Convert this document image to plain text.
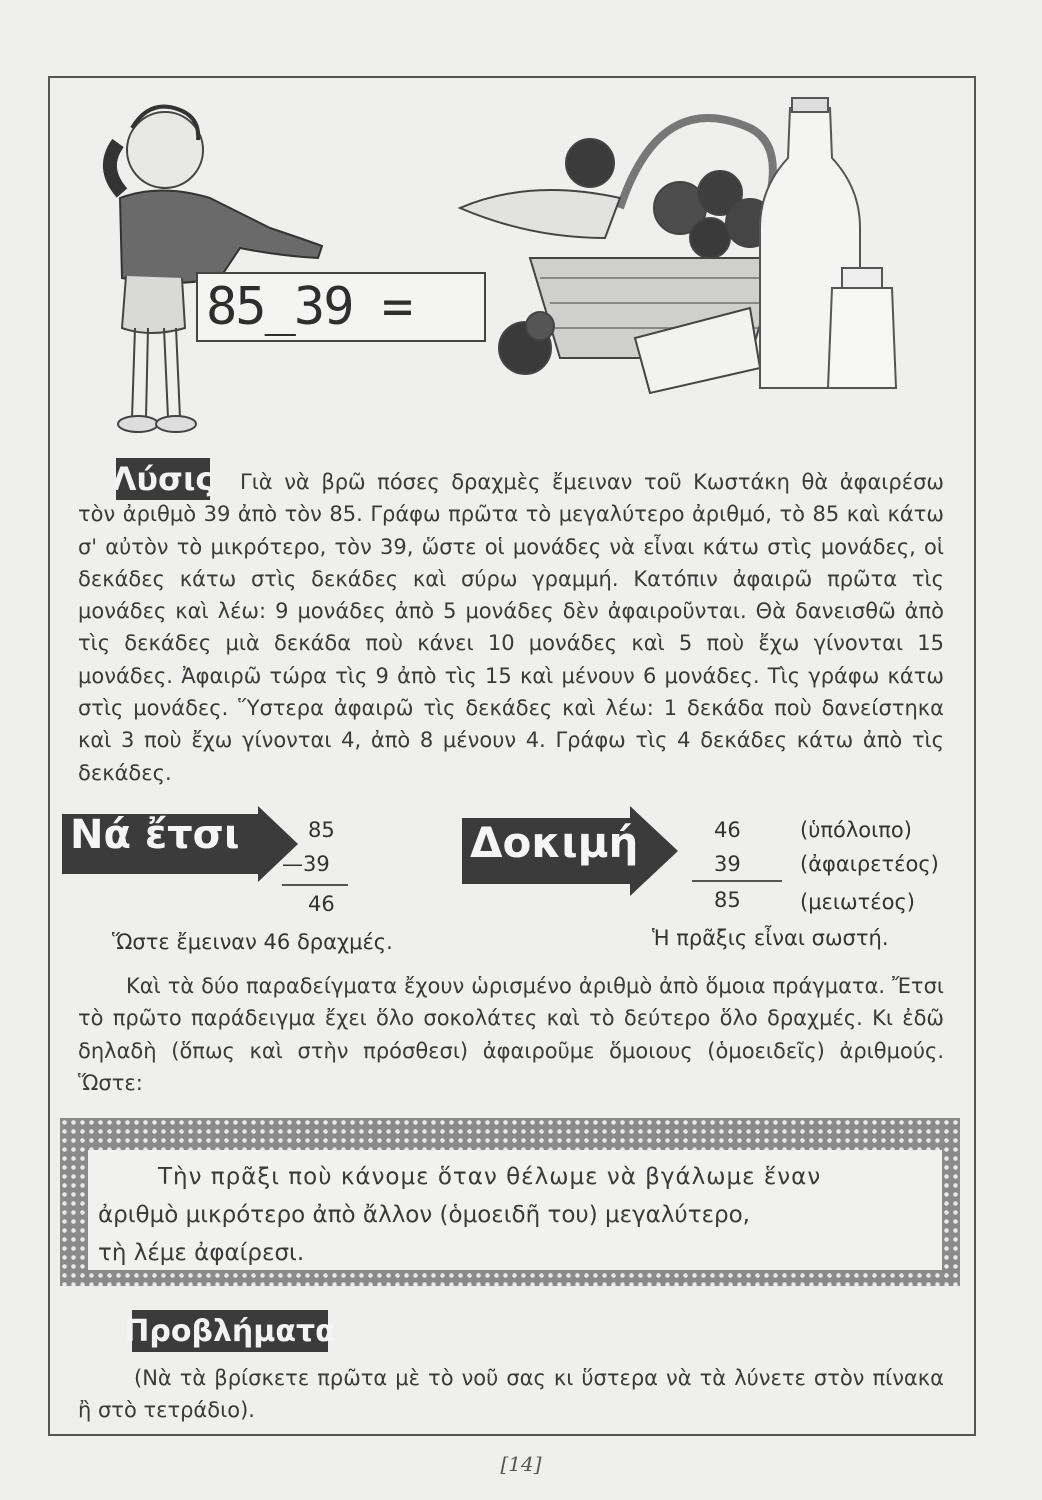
85_39 =
Λύσις	Γιὰ νὰ βρῶ πόσες δραχμὲς ἔμειναν τοῦ Κωστάκη θὰ ἀφαιρέσω τὸν ἀριθμὸ 39 ἀπὸ τὸν 85. Γράφω πρῶτα τὸ μεγαλύτερο ἀριθμό, τὸ 85 καὶ κάτω σ' αὐτὸν τὸ μικρότερο, τὸν 39, ὥστε οἱ μονάδες νὰ εἶναι κάτω στὶς μονάδες, οἱ δεκάδες κάτω στὶς δεκάδες καὶ σύρω γραμμή. Κατόπιν ἀφαιρῶ πρῶτα τὶς μονάδες καὶ λέω: 9 μονάδες ἀπὸ 5 μονάδες δὲν ἀφαιροῦνται. Θὰ δανεισθῶ ἀπὸ τὶς δεκάδες μιὰ δεκάδα ποὺ κάνει 10 μονάδες καὶ 5 ποὺ ἔχω γίνονται 15 μονάδες. Ἀφαιρῶ τώρα τὶς 9 ἀπὸ τὶς 15 καὶ μένουν 6 μονάδες. Τὶς γράφω κάτω στὶς μονάδες. Ὕστερα ἀφαιρῶ τὶς δεκάδες καὶ λέω: 1 δεκάδα ποὺ δανείστηκα καὶ 3 ποὺ ἔχω γίνονται 4, ἀπὸ 8 μένουν 4. Γράφω τὶς 4 δεκάδες κάτω ἀπὸ τὶς δεκάδες.
Νά ἔτσι	85
—39
46
Ὥστε ἔμειναν 46 δραχμές.
Δοκιμή	46	(ὑπόλοιπο)
39	(ἀφαιρετέος)
85	(μειωτέος)
Ἡ πρᾶξις εἶναι σωστή.
Καὶ τὰ δύο παραδείγματα ἔχουν ὡρισμένο ἀριθμὸ ἀπὸ ὅμοια πράγματα. Ἔτσι τὸ πρῶτο παράδειγμα ἔχει ὅλο σοκολάτες καὶ τὸ δεύτερο ὅλο δραχμές. Κι ἐδῶ δηλαδὴ (ὅπως καὶ στὴν πρόσθεσι) ἀφαιροῦμε ὅμοιους (ὁμοειδεῖς) ἀριθμούς. Ὥστε:
Τὴν πρᾶξι ποὺ κάνομε ὅταν θέλωμε νὰ βγάλωμε ἕναν
ἀριθμὸ μικρότερο ἀπὸ ἄλλον (ὁμοειδῆ του) μεγαλύτερο,
τὴ λέμε ἀφαίρεσι.
Προβλήματα
(Νὰ τὰ βρίσκετε πρῶτα μὲ τὸ νοῦ σας κι ὕστερα νὰ τὰ λύνετε στὸν πίνακα ἢ στὸ τετράδιο).
[14]
